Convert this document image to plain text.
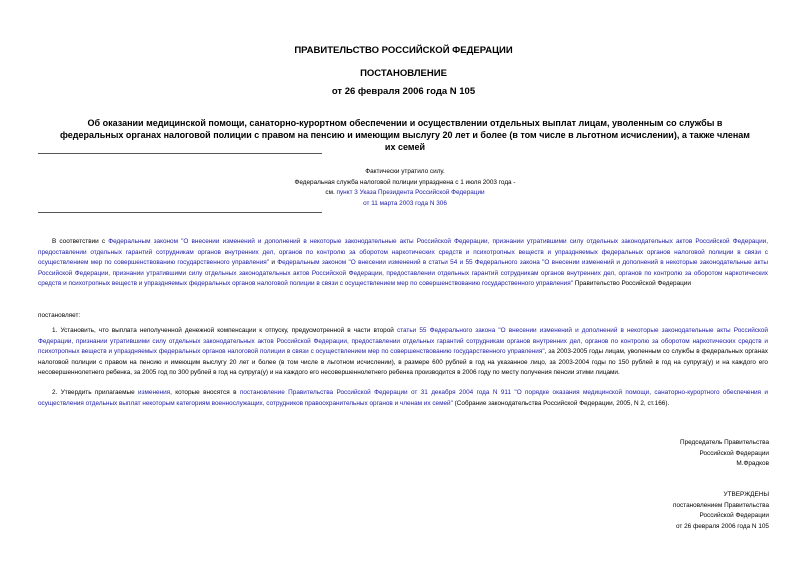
ПРАВИТЕЛЬСТВО РОССИЙСКОЙ ФЕДЕРАЦИИ
ПОСТАНОВЛЕНИЕ
от 26 февраля 2006 года N 105
Об оказании медицинской помощи, санаторно-курортном обеспечении и осуществлении отдельных выплат лицам, уволенным со службы в федеральных органах налоговой полиции с правом на пенсию и имеющим выслугу 20 лет и более (в том числе в льготном исчислении), а также членам их семей
Фактически утратило силу.
Федеральная служба налоговой полиции упразднена с 1 июля 2003 года -
см. пункт 3 Указа Президента Российской Федерации
от 11 марта 2003 года N 306
В соответствии с Федеральным законом "О внесении изменений и дополнений в некоторые законодательные акты Российской Федерации, признании утратившими силу отдельных законодательных актов Российской Федерации, предоставлении отдельных гарантий сотрудникам органов внутренних дел, органов по контролю за оборотом наркотических средств и психотропных веществ и упраздняемых федеральных органов налоговой полиции в связи с осуществлением мер по совершенствованию государственного управления" и Федеральным законом "О внесении изменений в статьи 54 и 55 Федерального закона "О внесении изменений и дополнений в некоторые законодательные акты Российской Федерации, признании утратившими силу отдельных законодательных актов Российской Федерации, предоставлении отдельных гарантий сотрудникам органов внутренних дел, органов по контролю за оборотом наркотических средств и психотропных веществ и упраздняемых федеральных органов налоговой полиции в связи с осуществлением мер по совершенствованию государственного управления" Правительство Российской Федерации
постановляет:
1. Установить, что выплата неполученной денежной компенсации к отпуску, предусмотренной в части второй статьи 55 Федерального закона "О внесении изменений и дополнений в некоторые законодательные акты Российской Федерации, признании утратившими силу отдельных законодательных актов Российской Федерации, предоставлении отдельных гарантий сотрудникам органов внутренних дел, органов по контролю за оборотом наркотических средств и психотропных веществ и упраздняемых федеральных органов налоговой полиции в связи с осуществлением мер по совершенствованию государственного управления", за 2003-2005 годы лицам, уволенным со службы в федеральных органах налоговой полиции с правом на пенсию и имеющим выслугу 20 лет и более (в том числе в льготном исчислении), в размере 600 рублей в год на указанное лицо, за 2003-2004 годы по 150 рублей в год на супруга(у) и на каждого его несовершеннолетнего ребенка, за 2005 год по 300 рублей в год на супруга(у) и на каждого его несовершеннолетнего ребенка производится в 2006 году по месту получения пенсии этими лицами.
2. Утвердить прилагаемые изменения, которые вносятся в постановление Правительства Российской Федерации от 31 декабря 2004 года N 911 "О порядке оказания медицинской помощи, санаторно-курортного обеспечения и осуществления отдельных выплат некоторым категориям военнослужащих, сотрудников правоохранительных органов и членам их семей" (Собрание законодательства Российской Федерации, 2005, N 2, ст.166).
Председатель Правительства
Российской Федерации
М.Фрадков
УТВЕРЖДЕНЫ
постановлением Правительства
Российской Федерации
от 26 февраля 2006 года N 105
